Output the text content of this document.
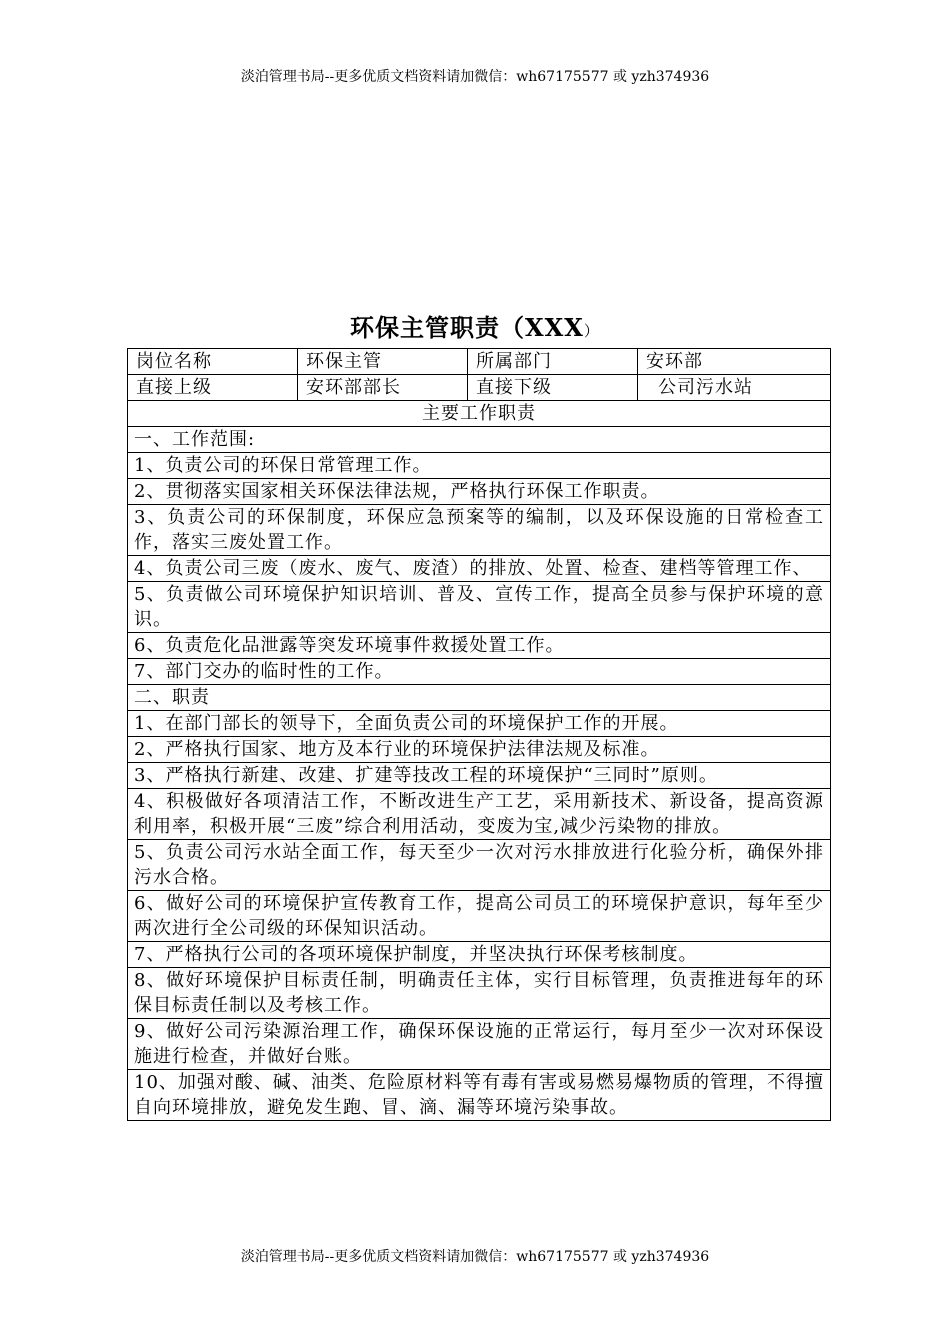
淡泊管理书局--更多优质文档资料请加微信：wh67175577 或 yzh374936
环保主管职责（XXX）
岗位名称	环保主管	所属部门	安环部
直接上级	安环部部长	直接下级	公司污水站
主要工作职责			
一、工作范围:			
1、负责公司的环保日常管理工作。			
2、贯彻落实国家相关环保法律法规，严格执行环保工作职责。			
3、负责公司的环保制度，环保应急预案等的编制，以及环保设施的日常检查工作，落实三废处置工作。			
4、负责公司三废（废水、废气、废渣）的排放、处置、检查、建档等管理工作、			
5、负责做公司环境保护知识培训、普及、宣传工作，提高全员参与保护环境的意识。			
6、负责危化品泄露等突发环境事件救援处置工作。			
7、部门交办的临时性的工作。			
二、职责			
1、在部门部长的领导下，全面负责公司的环境保护工作的开展。			
2、严格执行国家、地方及本行业的环境保护法律法规及标准。			
3、严格执行新建、改建、扩建等技改工程的环境保护“三同时”原则。			
4、积极做好各项清洁工作，不断改进生产工艺，采用新技术、新设备，提高资源利用率，积极开展“三废”综合利用活动，变废为宝,减少污染物的排放。			
5、负责公司污水站全面工作，每天至少一次对污水排放进行化验分析，确保外排污水合格。			
6、做好公司的环境保护宣传教育工作，提高公司员工的环境保护意识，每年至少两次进行全公司级的环保知识活动。			
7、严格执行公司的各项环境保护制度，并坚决执行环保考核制度。			
8、做好环境保护目标责任制，明确责任主体，实行目标管理，负责推进每年的环保目标责任制以及考核工作。			
9、做好公司污染源治理工作，确保环保设施的正常运行，每月至少一次对环保设施进行检查，并做好台账。			
10、加强对酸、碱、油类、危险原材料等有毒有害或易燃易爆物质的管理，不得擅自向环境排放，避免发生跑、冒、滴、漏等环境污染事故。			
淡泊管理书局--更多优质文档资料请加微信：wh67175577 或 yzh374936
